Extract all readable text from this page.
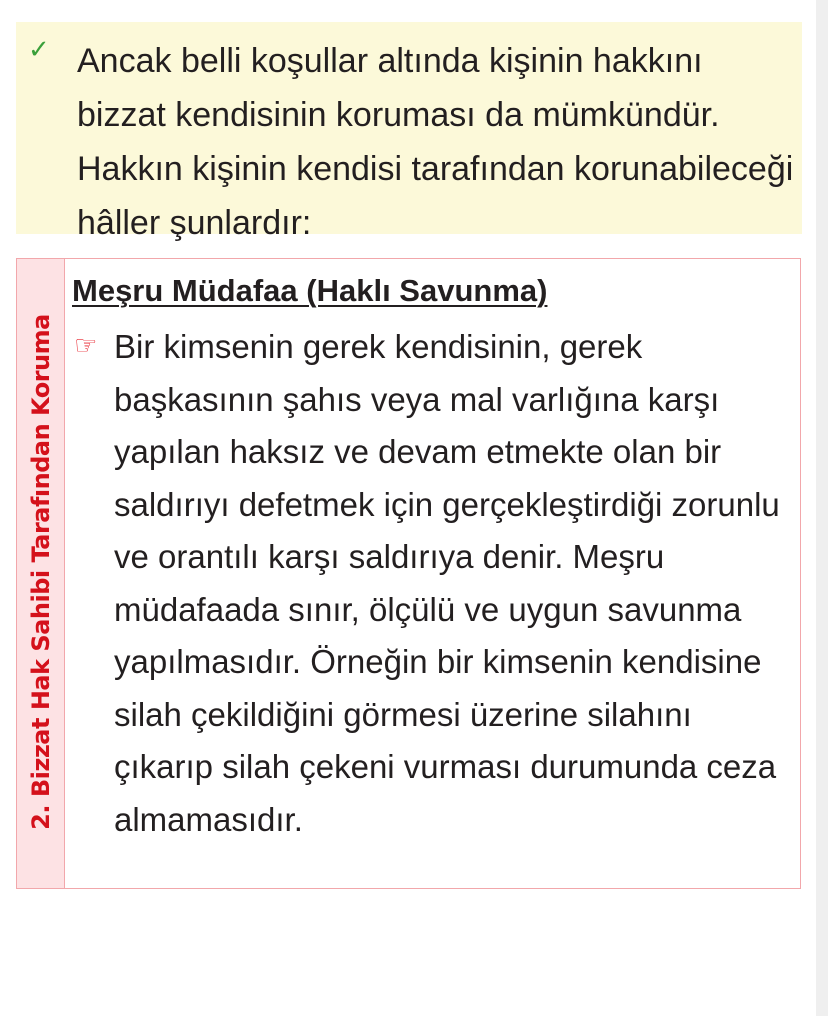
✓ Ancak belli koşullar altında kişinin hakkını bizzat kendisinin koruması da mümkündür. Hakkın kişinin kendisi tarafından korunabileceği hâller şunlardır:
2. Bizzat Hak Sahibi Tarafından Koruma
Meşru Müdafaa (Haklı Savunma)
☞ Bir kimsenin gerek kendisinin, gerek başkasının şahıs veya mal varlığına karşı yapılan haksız ve devam etmekte olan bir saldırıyı defetmek için gerçekleştirdiği zorunlu ve orantılı karşı saldırıya denir. Meşru müdafaada sınır, ölçülü ve uygun savunma yapılmasıdır. Örneğin bir kimsenin kendisine silah çekildiğini görmesi üzerine silahını çıkarıp silah çekeni vurması durumunda ceza almamasıdır.
